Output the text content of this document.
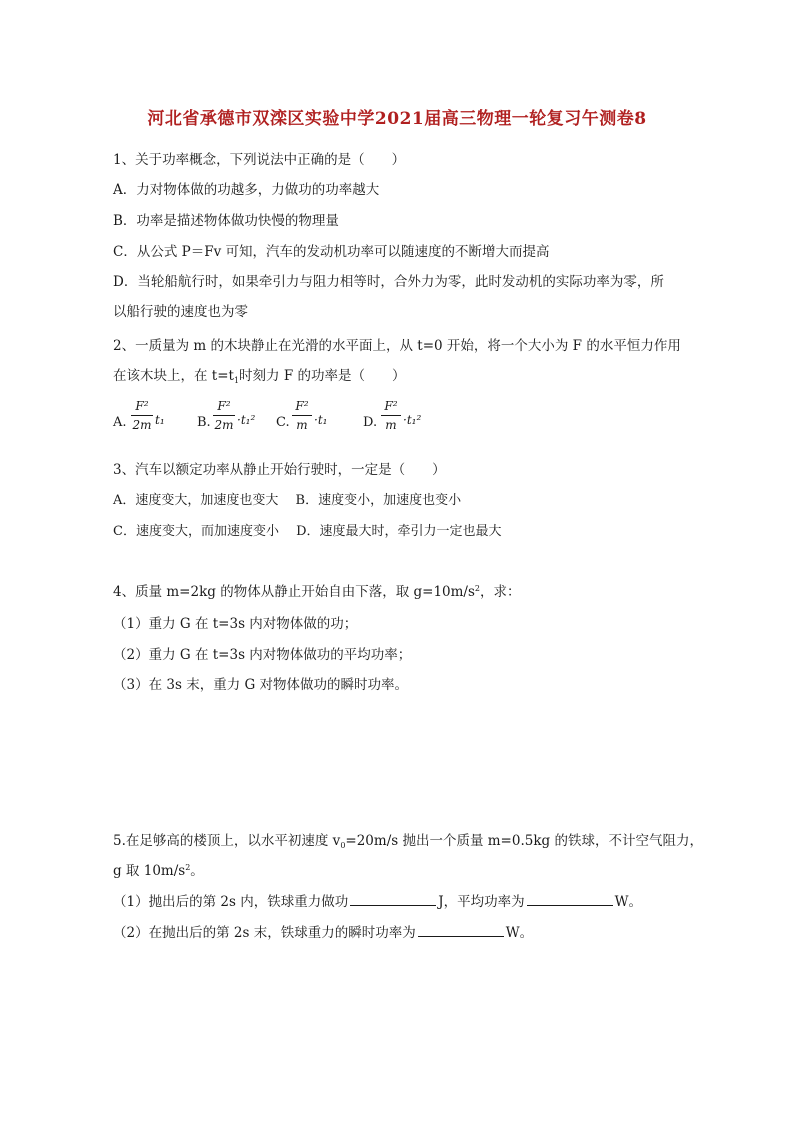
河北省承德市双滦区实验中学2021届高三物理一轮复习午测卷8
1、关于功率概念，下列说法中正确的是（　　）
A．力对物体做的功越多，力做功的功率越大
B．功率是描述物体做功快慢的物理量
C．从公式 P＝Fv 可知，汽车的发动机功率可以随速度的不断增大而提高
D．当轮船航行时，如果牵引力与阻力相等时，合外力为零，此时发动机的实际功率为零，所
以船行驶的速度也为零
2、一质量为 m 的木块静止在光滑的水平面上，从 t=0 开始，将一个大小为 F 的水平恒力作用
在该木块上，在 $t=t_1$时刻力 F 的功率是（　　）
A.
F²
2m t₁ B.
F²
2m ·t₁² C.
F²
m ·t₁	D.
F²
m ·t₁²
3、汽车以额定功率从静止开始行驶时，一定是（　　）
A．速度变大，加速度也变大　 B．速度变小，加速度也变小
C．速度变大，而加速度变小　 D．速度最大时，牵引力一定也最大
4、质量 m=2kg 的物体从静止开始自由下落，取 $g=10m/s^2$，求：
（1）重力 G 在 t=3s 内对物体做的功；
（2）重力 G 在 t=3s 内对物体做功的平均功率；
（3）在 3s 末，重力 G 对物体做功的瞬时功率。
5.在足够高的楼顶上，以水平初速度 $v_0=20m/s$ 抛出一个质量 m=0.5kg 的铁球，不计空气阻力，
g 取 $10m/s^2$。
（1）抛出后的第 2s 内，铁球重力做功	J，平均功率为	W。
（2）在抛出后的第 2s 末，铁球重力的瞬时功率为	W。
